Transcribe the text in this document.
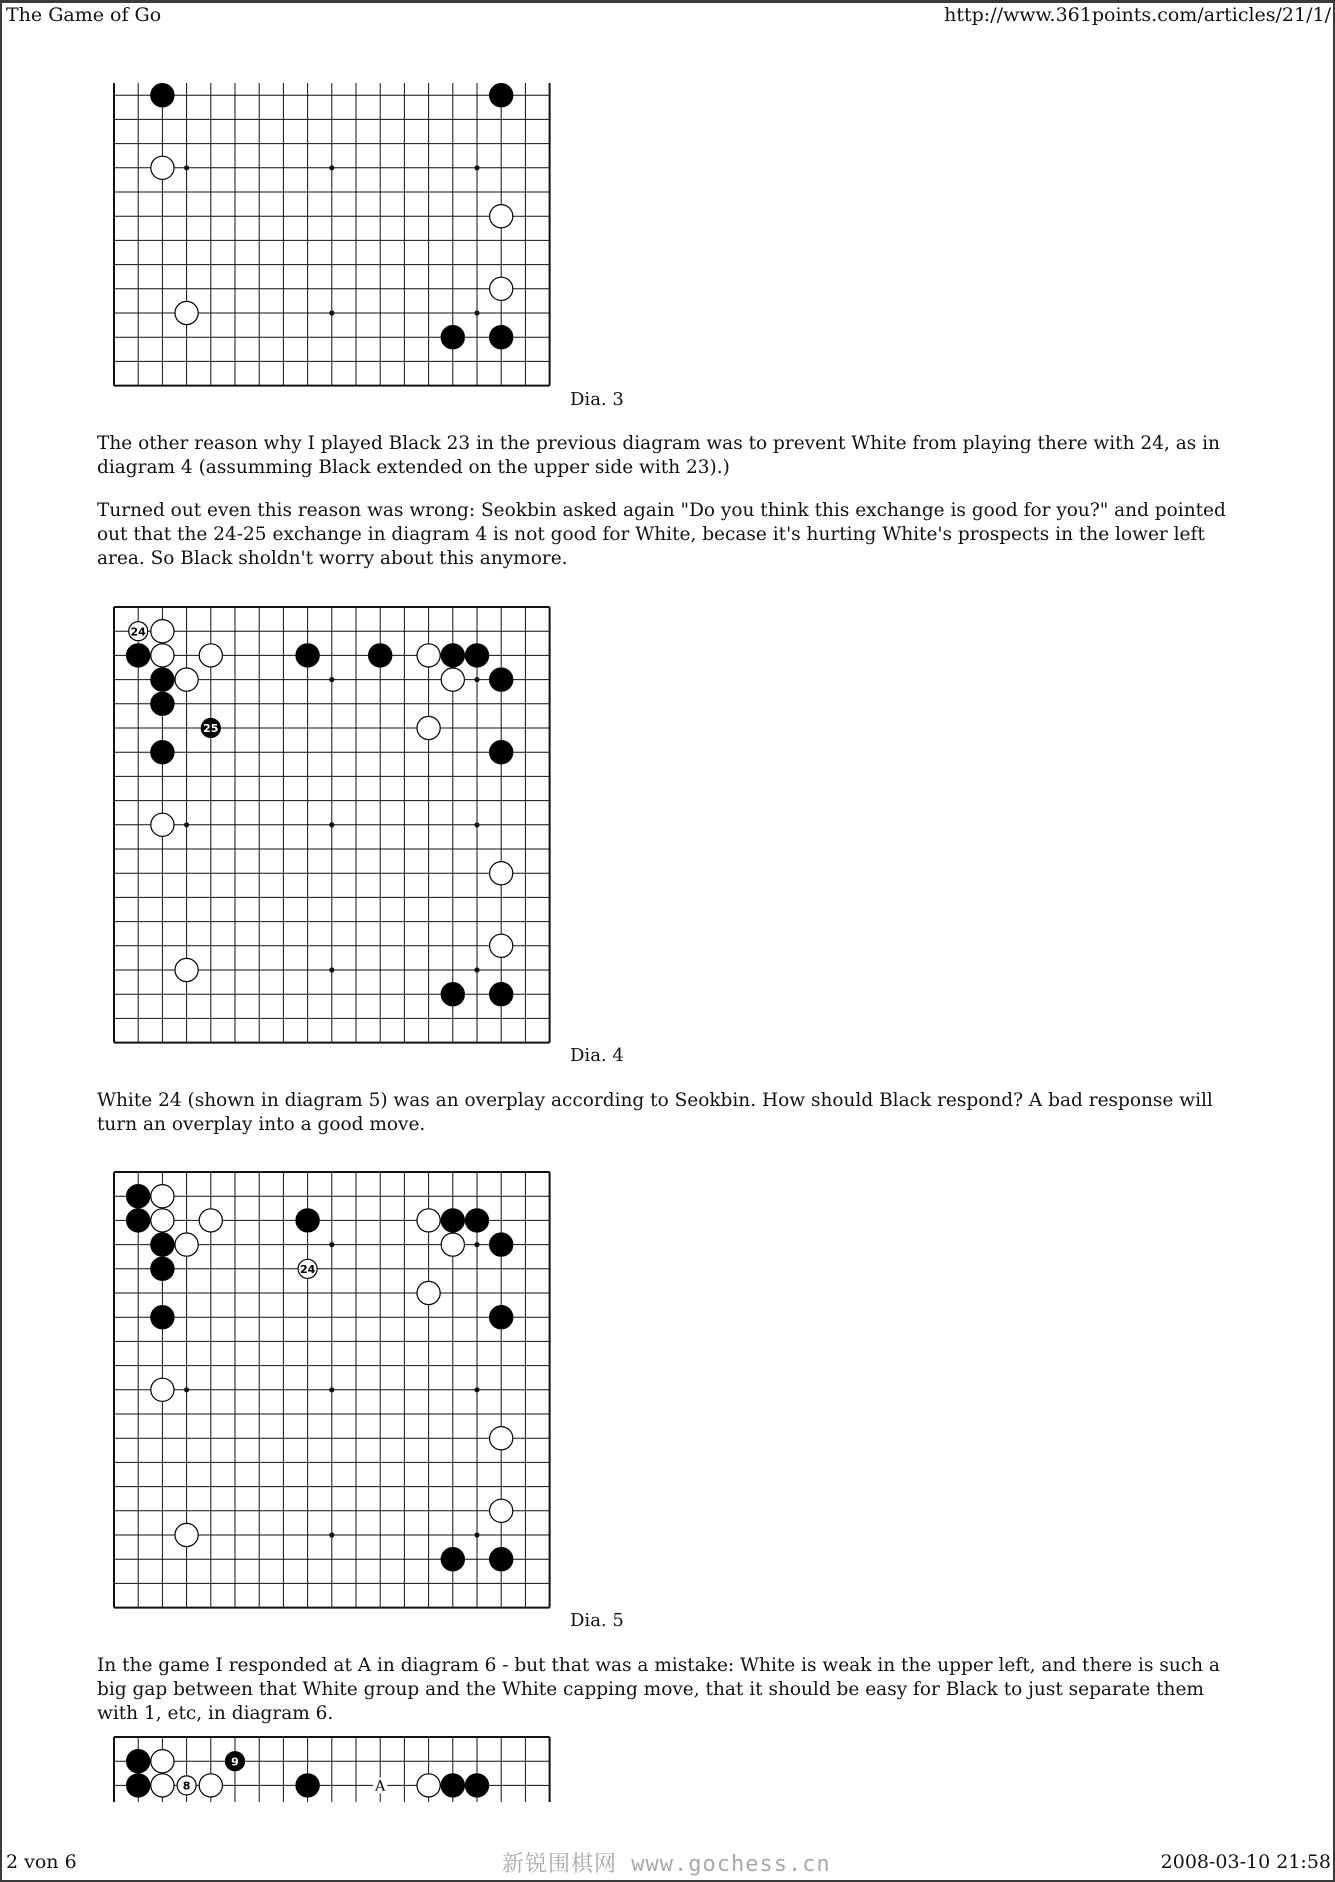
The Game of Go	http://www.361points.com/articles/21/1/
Dia. 3

The other reason why I played Black 23 in the previous diagram was to prevent White from playing there with 24, as in diagram 4 (assumming Black extended on the upper side with 23).)

Turned out even this reason was wrong: Seokbin asked again "Do you think this exchange is good for you?" and pointed out that the 24-25 exchange in diagram 4 is not good for White, becase it's hurting White's prospects in the lower left area. So Black sholdn't worry about this anymore.

24
25
Dia. 4

White 24 (shown in diagram 5) was an overplay according to Seokbin. How should Black respond? A bad response will turn an overplay into a good move.

24
Dia. 5

In the game I responded at A in diagram 6 - but that was a mistake: White is weak in the upper left, and there is such a big gap between that White group and the White capping move, that it should be easy for Black to just separate them with 1, etc, in diagram 6.

9
8	A
2 von 6	新锐围棋网 www.gochess.cn	2008-03-10 21:58
